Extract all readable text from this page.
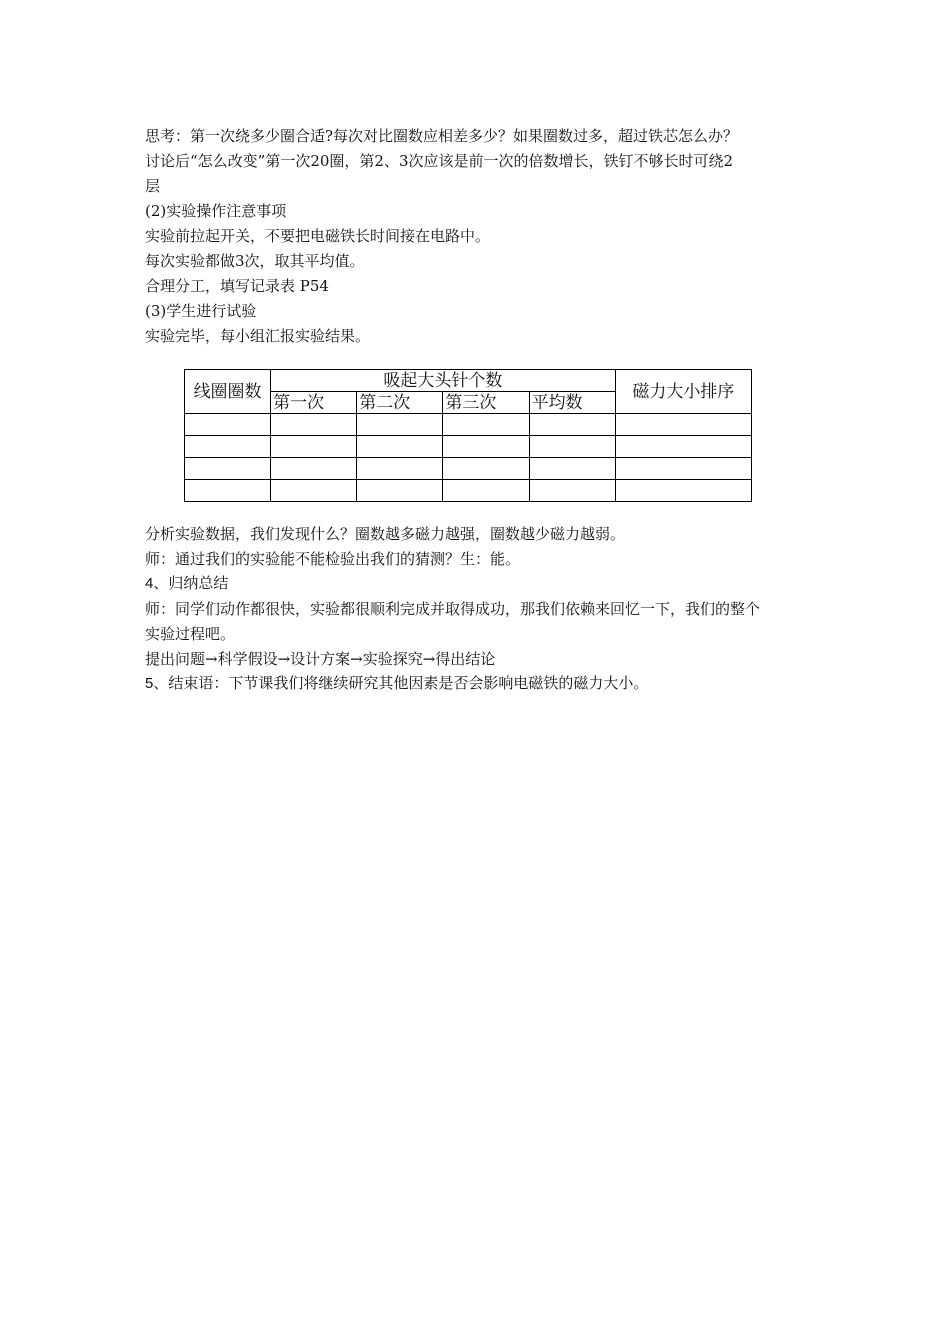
思考：第一次绕多少圈合适?每次对比圈数应相差多少？如果圈数过多，超过铁芯怎么办？
讨论后“怎么改变”第一次20圈，第2、3次应该是前一次的倍数增长，铁钉不够长时可绕2
层
(2)实验操作注意事项
实验前拉起开关，不要把电磁铁长时间接在电路中。
每次实验都做3次，取其平均值。
合理分工，填写记录表 P54
(3)学生进行试验
实验完毕，每小组汇报实验结果。
线圈圈数	吸起大头针个数				磁力大小排序
	第一次	第二次	第三次	平均数	

分析实验数据，我们发现什么？圈数越多磁力越强，圈数越少磁力越弱。
师：通过我们的实验能不能检验出我们的猜测？生：能。
4、归纳总结
师：同学们动作都很快，实验都很顺利完成并取得成功，那我们依赖来回忆一下，我们的整个
实验过程吧。
提出问题→科学假设→设计方案→实验探究→得出结论
5、结束语：下节课我们将继续研究其他因素是否会影响电磁铁的磁力大小。
